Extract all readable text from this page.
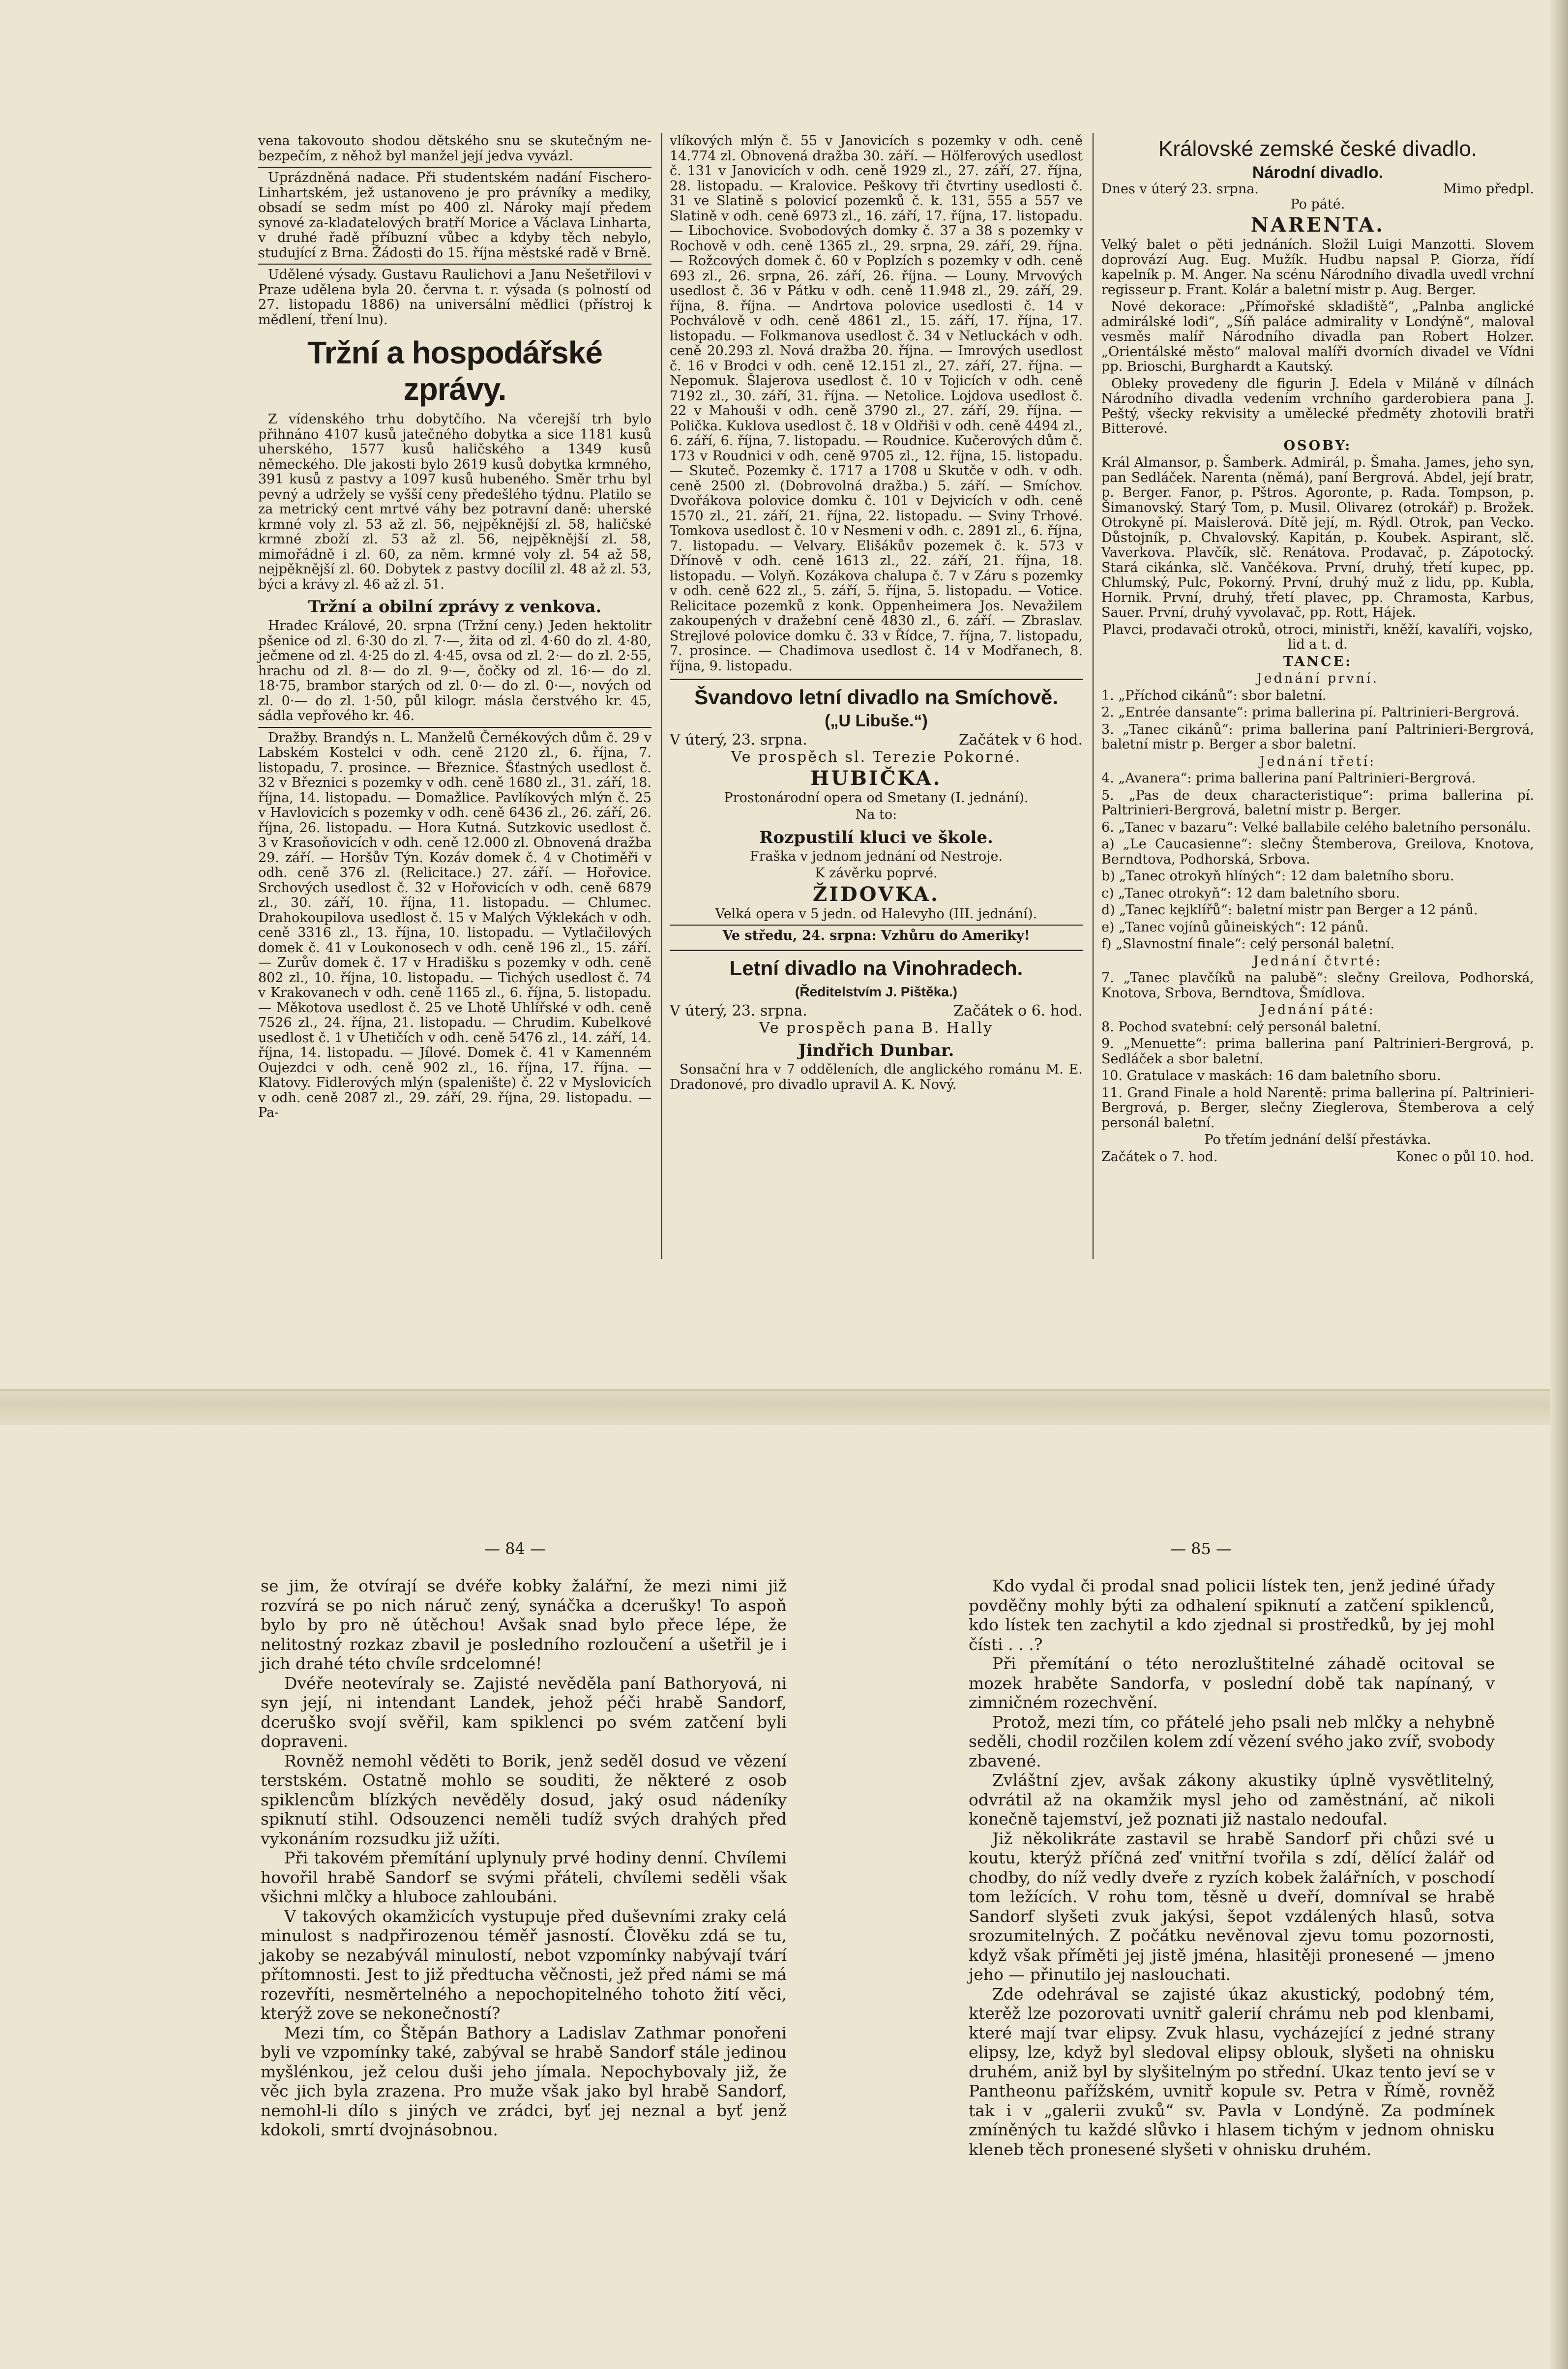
vena takovouto shodou dětského snu se skutečným ne-bezpečím, z něhož byl manžel její jedva vyvázl.

Uprázdněná nadace. Při studentském nadání Fischero-Linhartském, jež ustanoveno je pro právníky a mediky, obsadí se sedm míst po 400 zl. Nároky mají předem synové za-kladatelových bratří Morice a Václava Linharta, v druhé řadě příbuzní vůbec a kdyby těch nebylo, studující z Brna. Žádosti do 15. října městské radě v Brně.

Udělené výsady. Gustavu Raulichovi a Janu Nešetřilovi v Praze udělena byla 20. června t. r. výsada (s polností od 27. listopadu 1886) na universální mědlici (přístroj k mědlení, tření lnu).

Tržní a hospodářské zprávy.

Z vídenského trhu dobytčího. Na včerejší trh bylo přihnáno 4107 kusů jatečného dobytka a sice 1181 kusů uherského, 1577 kusů haličského a 1349 kusů německého. Dle jakosti bylo 2619 kusů dobytka krmného, 391 kusů z pastvy a 1097 kusů hubeného. Směr trhu byl pevný a udržely se vyšší ceny předešlého týdnu. Platilo se za metrický cent mrtvé váhy bez potravní daně: uherské krmné voly zl. 53 až zl. 56, nejpěknější zl. 58, haličské krmné zboží zl. 53 až zl. 56, nejpěknější zl. 58, mimořádně i zl. 60, za něm. krmné voly zl. 54 až 58, nejpěknější zl. 60. Dobytek z pastvy docílil zl. 48 až zl. 53, býci a krávy zl. 46 až zl. 51.

Tržní a obilní zprávy z venkova.

Hradec Králové, 20. srpna (Tržní ceny.) Jeden hektolitr pšenice od zl. 6·30 do zl. 7·—, žita od zl. 4·60 do zl. 4·80, ječmene od zl. 4·25 do zl. 4·45, ovsa od zl. 2·— do zl. 2·55, hrachu od zl. 8·— do zl. 9·—, čočky od zl. 16·— do zl. 18·75, brambor starých od zl. 0·— do zl. 0·—, nových od zl. 0·— do zl. 1·50, půl kilogr. másla čerstvého kr. 45, sádla vepřového kr. 46.

Dražby. Brandýs n. L. Manželů Černékových dům č. 29 v Labském Kostelci v odh. ceně 2120 zl., 6. října, 7. listopadu, 7. prosince. — Březnice. Šťastných usedlost č. 32 v Březnici s pozemky v odh. ceně 1680 zl., 31. září, 18. října, 14. listopadu. — Domažlice. Pavlíkových mlýn č. 25 v Havlovicích s pozemky v odh. ceně 6436 zl., 26. září, 26. října, 26. listopadu. — Hora Kutná. Sutzkovic usedlost č. 3 v Krasoňovicích v odh. ceně 12.000 zl. Obnovená dražba 29. září. — Horšův Týn. Kozáv domek č. 4 v Chotiměři v odh. ceně 376 zl. (Relicitace.) 27. září. — Hořovice. Srchových usedlost č. 32 v Hořovicích v odh. ceně 6879 zl., 30. září, 10. října, 11. listopadu. — Chlumec. Drahokoupilova usedlost č. 15 v Malých Výklekách v odh. ceně 3316 zl., 13. října, 10. listopadu. — Vytlačilových domek č. 41 v Loukonosech v odh. ceně 196 zl., 15. září. — Zurův domek č. 17 v Hradišku s pozemky v odh. ceně 802 zl., 10. října, 10. listopadu. — Tichých usedlost č. 74 v Krakovanech v odh. ceně 1165 zl., 6. října, 5. listopadu. — Měkotova usedlost č. 25 ve Lhotě Uhlířské v odh. ceně 7526 zl., 24. října, 21. listopadu. — Chrudim. Kubelkové usedlost č. 1 v Uhetičích v odh. ceně 5476 zl., 14. září, 14. října, 14. listopadu. — Jílové. Domek č. 41 v Kamenném Oujezdci v odh. ceně 902 zl., 16. října, 17. října. — Klatovy. Fidlerových mlýn (spalenište) č. 22 v Myslovicích v odh. ceně 2087 zl., 29. září, 29. října, 29. listopadu. — Pa-

vlíkových mlýn č. 55 v Janovicích s pozemky v odh. ceně 14.774 zl. Obnovená dražba 30. září. — Hölferových usedlost č. 131 v Janovicích v odh. ceně 1929 zl., 27. září, 27. října, 28. listopadu. — Kralovice. Peškovy tři čtvrtiny usedlosti č. 31 ve Slatině s polovicí pozemků č. k. 131, 555 a 557 ve Slatině v odh. ceně 6973 zl., 16. září, 17. října, 17. listopadu. — Libochovice. Svobodových domky č. 37 a 38 s pozemky v Rochově v odh. ceně 1365 zl., 29. srpna, 29. září, 29. října. — Rožcových domek č. 60 v Poplzích s pozemky v odh. ceně 693 zl., 26. srpna, 26. září, 26. října. — Louny. Mrvových usedlost č. 36 v Pátku v odh. ceně 11.948 zl., 29. září, 29. října, 8. října. — Andrtova polovice usedlosti č. 14 v Pochválově v odh. ceně 4861 zl., 15. září, 17. října, 17. listopadu. — Folkmanova usedlost č. 34 v Netluckách v odh. ceně 20.293 zl. Nová dražba 20. října. — Imrových usedlost č. 16 v Brodci v odh. ceně 12.151 zl., 27. září, 27. října. — Nepomuk. Šlajerova usedlost č. 10 v Tojicích v odh. ceně 7192 zl., 30. září, 31. října. — Netolice. Lojdova usedlost č. 22 v Mahouši v odh. ceně 3790 zl., 27. září, 29. října. — Polička. Kuklova usedlost č. 18 v Oldřiši v odh. ceně 4494 zl., 6. září, 6. října, 7. listopadu. — Roudnice. Kučerových dům č. 173 v Roudnici v odh. ceně 9705 zl., 12. října, 15. listopadu. — Skuteč. Pozemky č. 1717 a 1708 u Skutče v odh. v odh. ceně 2500 zl. (Dobrovolná dražba.) 5. září. — Smíchov. Dvořákova polovice domku č. 101 v Dejvicích v odh. ceně 1570 zl., 21. září, 21. října, 22. listopadu. — Sviny Trhové. Tomkova usedlost č. 10 v Nesmeni v odh. c. 2891 zl., 6. října, 7. listopadu. — Velvary. Elišákův pozemek č. k. 573 v Dřínově v odh. ceně 1613 zl., 22. září, 21. října, 18. listopadu. — Volyň. Kozákova chalupa č. 7 v Záru s pozemky v odh. ceně 622 zl., 5. září, 5. října, 5. listopadu. — Votice. Relicitace pozemků z konk. Oppenheimera Jos. Nevažilem zakoupených v dražební ceně 4830 zl., 6. září. — Zbraslav. Strejlové polovice domku č. 33 v Řídce, 7. října, 7. listopadu, 7. prosince. — Chadimova usedlost č. 14 v Modřanech, 8. října, 9. listopadu.

Švandovo letní divadlo na Smíchově.
(„U Libuše.“)
V úterý, 23. srpna.	Začátek v 6 hod.

Ve prospěch sl. Terezie Pokorné.

HUBIČKA.

Prostonárodní opera od Smetany (I. jednání).

Na to:

Rozpustilí kluci ve škole.

Fraška v jednom jednání od Nestroje.

K závěrku poprvé.

ŽIDOVKA.

Velká opera v 5 jedn. od Halevyho (III. jednání).

Ve středu, 24. srpna: Vzhůru do Ameriky!

Letní divadlo na Vinohradech.
(Ředitelstvím J. Pištěka.)
V úterý, 23. srpna.	Začátek o 6. hod.

Ve prospěch pana B. Hally

Jindřich Dunbar.

Sonsační hra v 7 odděleních, dle anglického románu M. E. Dradonové, pro divadlo upravil A. K. Nový.

Královské zemské české divadlo.
Národní divadlo.
Dnes v úterý 23. srpna.	Mimo předpl.

Po páté.

NARENTA.

Velký balet o pěti jednáních. Složil Luigi Manzotti. Slovem doprovází Aug. Eug. Mužík. Hudbu napsal P. Giorza, řídí kapelník p. M. Anger. Na scénu Národního divadla uvedl vrchní regisseur p. Frant. Kolár a baletní mistr p. Aug. Berger.

Nové dekorace: „Přímořské skladiště“, „Palnba anglické admirálské lodi“, „Síň paláce admirality v Londýně“, maloval vesměs malíř Národního divadla pan Robert Holzer. „Orientálské město“ maloval malíři dvorních divadel ve Vídni pp. Brioschi, Burghardt a Kautský.

Obleky provedeny dle figurin J. Edela v Miláně v dílnách Národního divadla vedením vrchního garderobiera pana J. Peštý, všecky rekvisity a umělecké předměty zhotovili bratři Bitterové.

OSOBY:

Král Almansor, p. Šamberk. Admirál, p. Šmaha. James, jeho syn, pan Sedláček. Narenta (němá), paní Bergrová. Abdel, její bratr, p. Berger. Fanor, p. Pštros. Agoronte, p. Rada. Tompson, p. Šimanovský. Starý Tom, p. Musil. Olivarez (otrokář) p. Brožek. Otrokyně pí. Maislerová. Dítě její, m. Rýdl. Otrok, pan Vecko. Důstojník, p. Chvalovský. Kapitán, p. Koubek. Aspirant, slč. Vaverkova. Plavčík, slč. Renátova. Prodavač, p. Zápotocký. Stará cikánka, slč. Vančékova. První, druhý, třetí kupec, pp. Chlumský, Pulc, Pokorný. První, druhý muž z lidu, pp. Kubla, Hornik. První, druhý, třetí plavec, pp. Chramosta, Karbus, Sauer. První, druhý vyvolavač, pp. Rott, Hájek.

Plavci, prodavači otroků, otroci, ministři, kněží, kavalíři, vojsko, lid a t. d.

TANCE:

Jednání první.

1. „Příchod cikánů“: sbor baletní.

2. „Entrée dansante“: prima ballerina pí. Paltrinieri-Bergrová.

3. „Tanec cikánů“: prima ballerina paní Paltrinieri-Bergrová, baletní mistr p. Berger a sbor baletní.

Jednání třetí:

4. „Avanera“: prima ballerina paní Paltrinieri-Bergrová.

5. „Pas de deux characteristique“: prima ballerina pí. Paltrinieri-Bergrová, baletní mistr p. Berger.

6. „Tanec v bazaru“: Velké ballabile celého baletního personálu.

a) „Le Caucasienne“: slečny Štemberova, Greilova, Knotova, Berndtova, Podhorská, Srbova.

b) „Tanec otrokyň hlíných“: 12 dam baletního sboru.

c) „Tanec otrokyň“: 12 dam baletního sboru.

d) „Tanec kejklířů“: baletní mistr pan Berger a 12 pánů.

e) „Tanec vojínů gůineiských“: 12 pánů.

f) „Slavnostní finale“: celý personál baletní.

Jednání čtvrté:

7. „Tanec plavčíků na palubě“: slečny Greilova, Podhorská, Knotova, Srbova, Berndtova, Šmídlova.

Jednání páté:

8. Pochod svatební: celý personál baletní.

9. „Menuette“: prima ballerina paní Paltrinieri-Bergrová, p. Sedláček a sbor baletní.

10. Gratulace v maskách: 16 dam baletního sboru.

11. Grand Finale a hold Narentě: prima ballerina pí. Paltrinieri-Bergrová, p. Berger, slečny Zieglerova, Štemberova a celý personál baletní.

Po třetím jednání delší přestávka.

Začátek o 7. hod.	Konec o půl 10. hod.
— 84 —	— 85 —

se jim, že otvírají se dvéře kobky žalářní, že mezi nimi již rozvírá se po nich náruč zený, synáčka a dcerušky! To aspoň bylo by pro ně útěchou! Avšak snad bylo přece lépe, že nelitostný rozkaz zbavil je posledního rozloučení a ušetřil je i jich drahé této chvíle srdcelomné!

Dvéře neotevíraly se. Zajisté nevěděla paní Bathoryová, ni syn její, ni intendant Landek, jehož péči hrabě Sandorf, dceruško svojí svěřil, kam spiklenci po svém zatčení byli dopraveni.

Rovněž nemohl věděti to Borik, jenž seděl dosud ve vězení terstském. Ostatně mohlo se souditi, že některé z osob spiklencům blízkých nevěděly dosud, jaký osud nádeníky spiknutí stihl. Odsouzenci neměli tudíž svých drahých před vykonáním rozsudku již užíti.

Při takovém přemítání uplynuly prvé hodiny denní. Chvílemi hovořil hrabě Sandorf se svými přáteli, chvílemi seděli však všichni mlčky a hluboce zahloubáni.

V takových okamžicích vystupuje před duševními zraky celá minulost s nadpřirozenou téměř jasností. Člověku zdá se tu, jakoby se nezabývál minulostí, nebot vzpomínky nabývají tvárí přítomnosti. Jest to již předtucha věčnosti, jež před námi se má rozevříti, nesměrtelného a nepochopitelného tohoto žití věci, kterýž zove se nekonečností?

Mezi tím, co Štěpán Bathory a Ladislav Zathmar ponořeni byli ve vzpomínky také, zabýval se hrabě Sandorf stále jedinou myšlénkou, jež celou duši jeho jímala. Nepochybovaly již, že věc jich byla zrazena. Pro muže však jako byl hrabě Sandorf, nemohl-li dílo s jiných ve zrádci, byť jej neznal a byť jenž kdokoli, smrtí dvojnásobnou.

Kdo vydal či prodal snad policii lístek ten, jenž jediné úřady povděčny mohly býti za odhalení spiknutí a zatčení spiklenců, kdo lístek ten zachytil a kdo zjednal si prostředků, by jej mohl čísti . . .?

Při přemítání o této nerozluštitelné záhadě ocitoval se mozek hraběte Sandorfa, v poslední době tak napínaný, v zimničném rozechvění.

Protož, mezi tím, co přátelé jeho psali neb mlčky a nehybně seděli, chodil rozčilen kolem zdí vězení svého jako zvíř, svobody zbavené.

Zvláštní zjev, avšak zákony akustiky úplně vysvětlitelný, odvrátil až na okamžik mysl jeho od zaměstnání, ač nikoli konečně tajemství, jež poznati již nastalo nedoufal.

Již několikráte zastavil se hrabě Sandorf při chůzi své u koutu, kterýž příčná zeď vnitřní tvořila s zdí, dělící žalář od chodby, do níž vedly dveře z ryzích kobek žalářních, v poschodí tom ležících. V rohu tom, těsně u dveří, domníval se hrabě Sandorf slyšeti zvuk jakýsi, šepot vzdálených hlasů, sotva srozumitelných. Z počátku nevěnoval zjevu tomu pozornosti, když však příměti jej jistě jména, hlasitěji pronesené — jmeno jeho — přinutilo jej naslouchati.

Zde odehrával se zajisté úkaz akustický, podobný tém, kterěž lze pozorovati uvnitř galerií chrámu neb pod klenbami, které mají tvar elipsy. Zvuk hlasu, vycházející z jedné strany elipsy, lze, když byl sledoval elipsy oblouk, slyšeti na ohnisku druhém, aniž byl by slyšitelným po střední. Ukaz tento jeví se v Pantheonu pařížském, uvnitř kopule sv. Petra v Římě, rovněž tak i v „galerii zvuků“ sv. Pavla v Londýně. Za podmínek zmíněných tu každé slůvko i hlasem tichým v jednom ohnisku kleneb těch pronesené slyšeti v ohnisku druhém.
